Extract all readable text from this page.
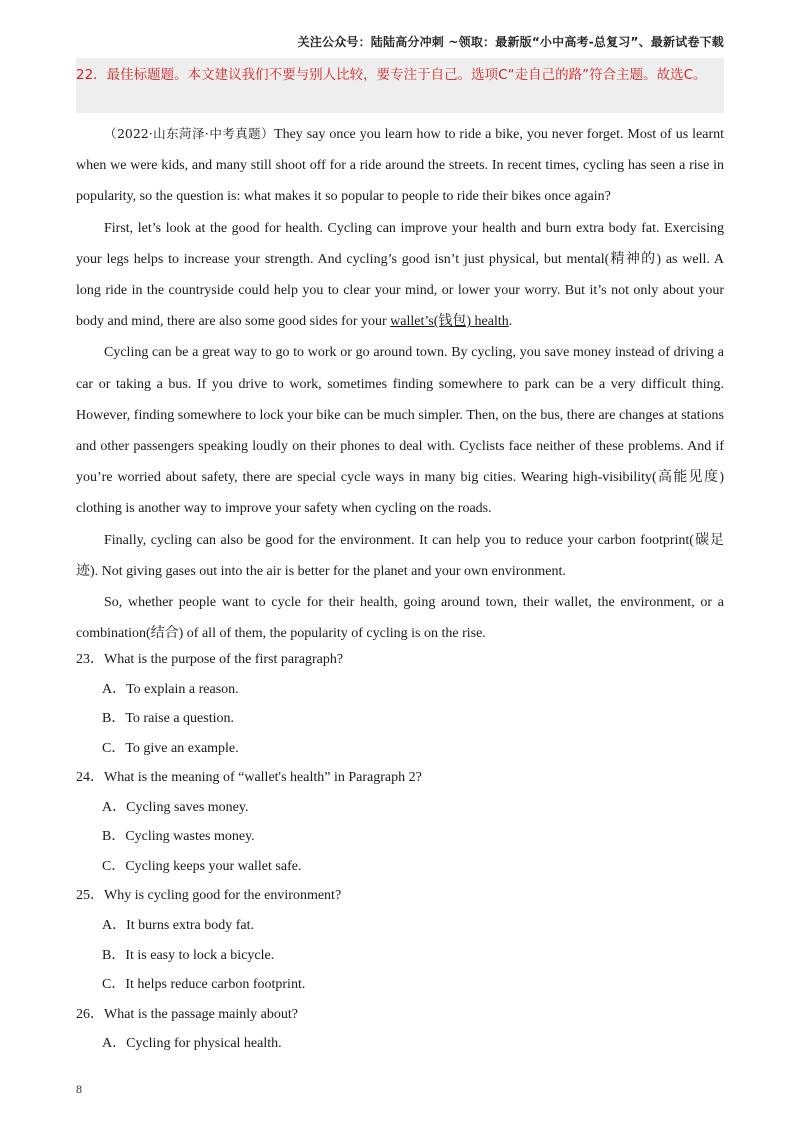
关注公众号：陆陆高分冲刺 ~领取：最新版“小中高考-总复习”、最新试卷下载
22．最佳标题题。本文建议我们不要与别人比较，要专注于自己。选项C“走自己的路”符合主题。故选C。

（2022·山东菏泽·中考真题）They say once you learn how to ride a bike, you never forget. Most of us learnt when we were kids, and many still shoot off for a ride around the streets. In recent times, cycling has seen a rise in popularity, so the question is: what makes it so popular to people to ride their bikes once again?

First, let’s look at the good for health. Cycling can improve your health and burn extra body fat. Exercising your legs helps to increase your strength. And cycling’s good isn’t just physical, but mental(精神的) as well. A long ride in the countryside could help you to clear your mind, or lower your worry. But it’s not only about your body and mind, there are also some good sides for your wallet’s(钱包) health.

Cycling can be a great way to go to work or go around town. By cycling, you save money instead of driving a car or taking a bus. If you drive to work, sometimes finding somewhere to park can be a very difficult thing. However, finding somewhere to lock your bike can be much simpler. Then, on the bus, there are changes at stations and other passengers speaking loudly on their phones to deal with. Cyclists face neither of these problems. And if you’re worried about safety, there are special cycle ways in many big cities. Wearing high-visibility(高能见度) clothing is another way to improve your safety when cycling on the roads.

Finally, cycling can also be good for the environment. It can help you to reduce your carbon footprint(碳足迹). Not giving gases out into the air is better for the planet and your own environment.

So, whether people want to cycle for their health, going around town, their wallet, the environment, or a combination(结合) of all of them, the popularity of cycling is on the rise.

23．What is the purpose of the first paragraph?
A．To explain a reason.
B．To raise a question.
C．To give an example.
24．What is the meaning of “wallet's health” in Paragraph 2?
A．Cycling saves money.
B．Cycling wastes money.
C．Cycling keeps your wallet safe.
25．Why is cycling good for the environment?
A．It burns extra body fat.
B．It is easy to lock a bicycle.
C．It helps reduce carbon footprint.
26．What is the passage mainly about?
A．Cycling for physical health.
8
